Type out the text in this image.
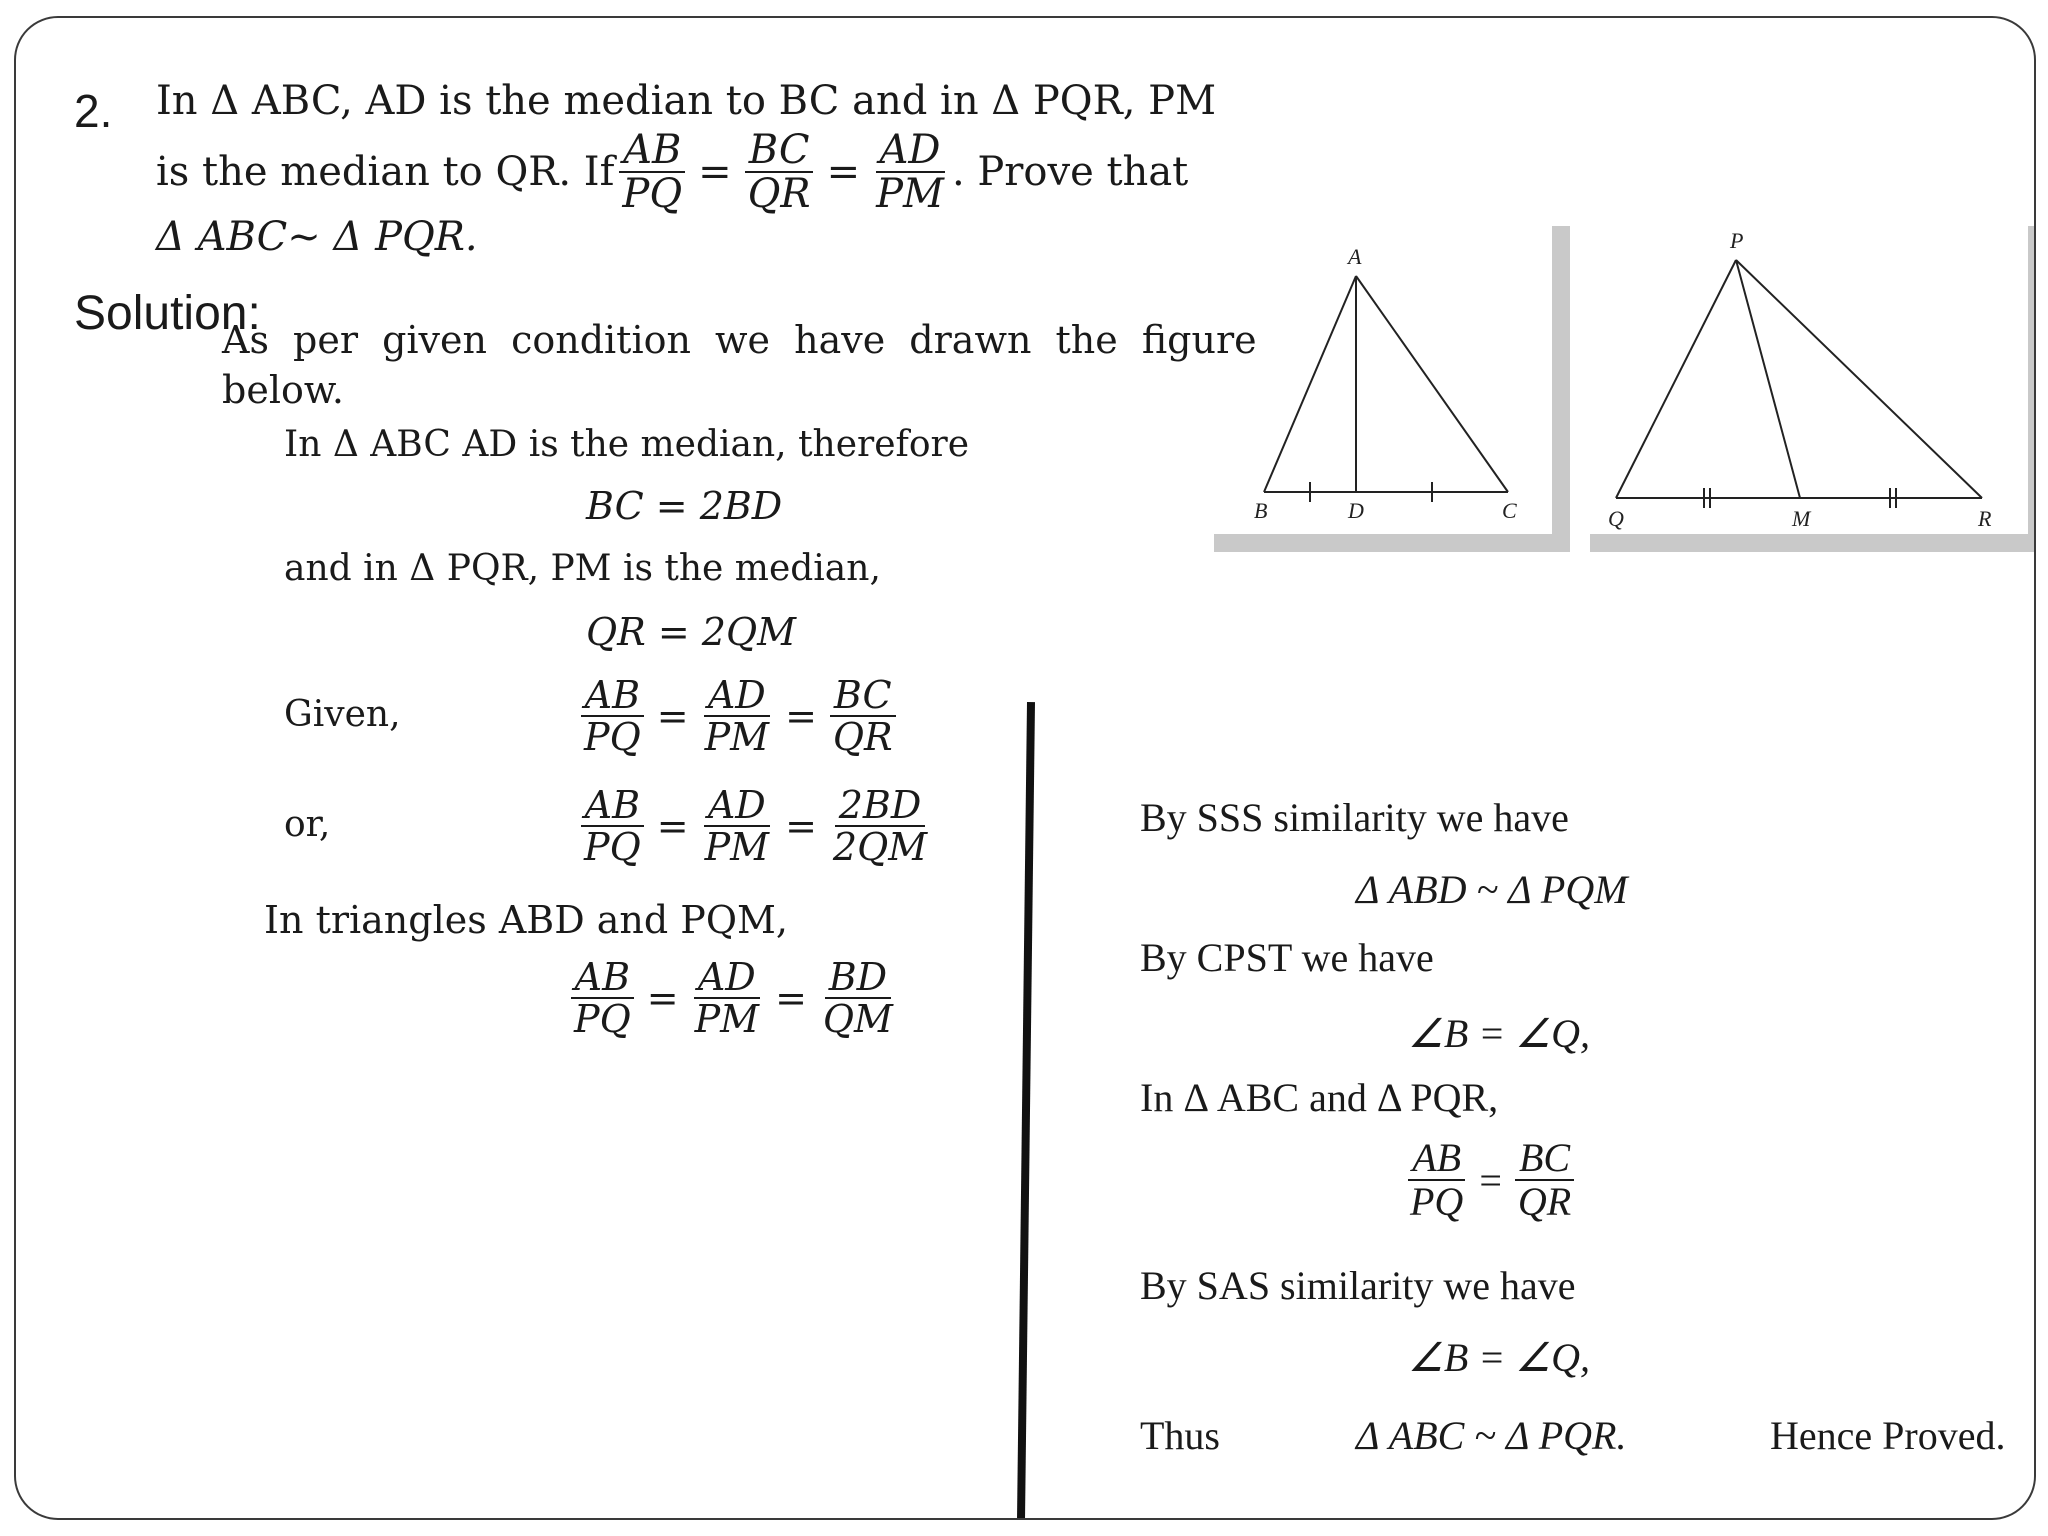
2. In Δ ABC, AD is the median to BC and in Δ PQR, PM
is the median to QR. If $\frac{AB}{PQ} = \frac{BC}{QR} = \frac{AD}{PM}$ . Prove that
Δ ABC~ Δ PQR.
Solution:
A
B	D	C
P
Q	M	R
As per given condition we have drawn the figure
below.
In Δ ABC AD is the median, therefore
BC = 2BD
and in Δ PQR, PM is the median,
QR = 2QM
Given,	$\frac{AB}{PQ} = \frac{AD}{PM} = \frac{BC}{QR}$
or,	$\frac{AB}{PQ} = \frac{AD}{PM} = \frac{2BD}{2QM}$
In triangles ABD and PQM,
$\frac{AB}{PQ} = \frac{AD}{PM} = \frac{BD}{QM}$
By SSS similarity we have
Δ ABD ~ Δ PQM
By CPST we have
∠B = ∠Q,
In Δ ABC and Δ PQR,
$\frac{AB}{PQ} = \frac{BC}{QR}$
By SAS similarity we have
∠B = ∠Q,
Thus	Δ ABC ~ Δ PQR.	Hence Proved.
